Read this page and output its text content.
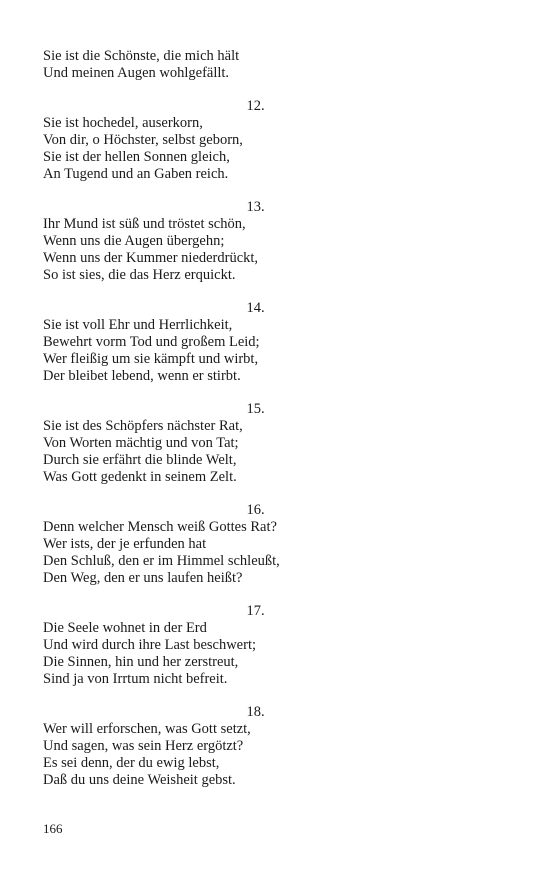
Sie ist die Schönste, die mich hält
Und meinen Augen wohlgefällt.
12.
Sie ist hochedel, auserkorn,
Von dir, o Höchster, selbst geborn,
Sie ist der hellen Sonnen gleich,
An Tugend und an Gaben reich.
13.
Ihr Mund ist süß und tröstet schön,
Wenn uns die Augen übergehn;
Wenn uns der Kummer niederdrückt,
So ist sies, die das Herz erquickt.
14.
Sie ist voll Ehr und Herrlichkeit,
Bewehrt vorm Tod und großem Leid;
Wer fleißig um sie kämpft und wirbt,
Der bleibet lebend, wenn er stirbt.
15.
Sie ist des Schöpfers nächster Rat,
Von Worten mächtig und von Tat;
Durch sie erfährt die blinde Welt,
Was Gott gedenkt in seinem Zelt.
16.
Denn welcher Mensch weiß Gottes Rat?
Wer ists, der je erfunden hat
Den Schluß, den er im Himmel schleußt,
Den Weg, den er uns laufen heißt?
17.
Die Seele wohnet in der Erd
Und wird durch ihre Last beschwert;
Die Sinnen, hin und her zerstreut,
Sind ja von Irrtum nicht befreit.
18.
Wer will erforschen, was Gott setzt,
Und sagen, was sein Herz ergötzt?
Es sei denn, der du ewig lebst,
Daß du uns deine Weisheit gebst.
166
